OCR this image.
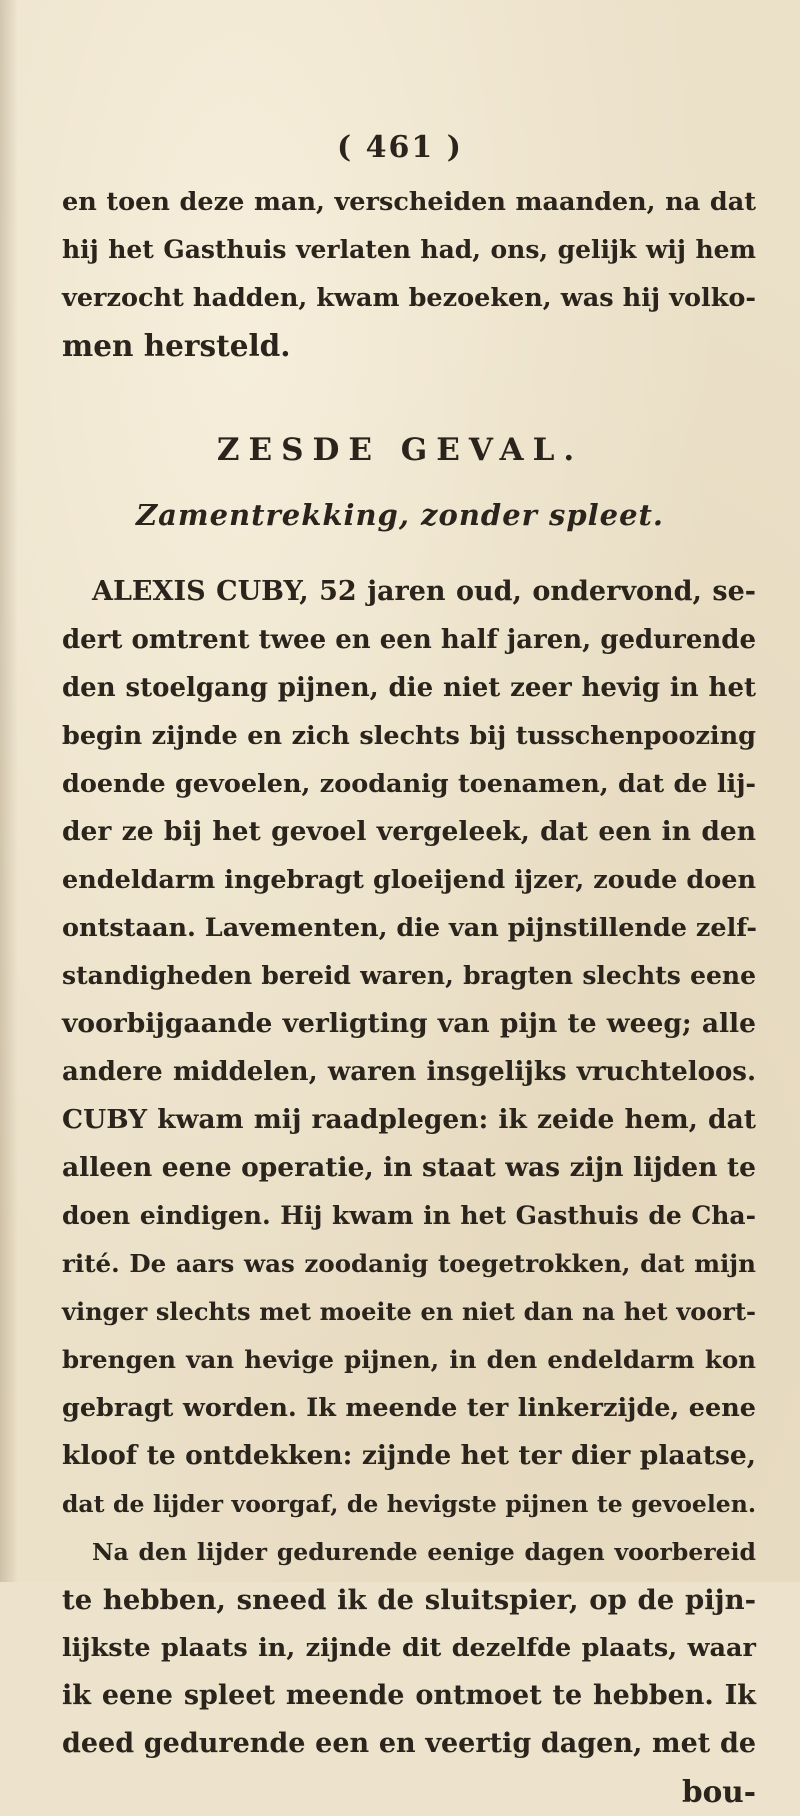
( 461 )
en toen deze man, verscheiden maanden, na dat
hij het Gasthuis verlaten had, ons, gelijk wij hem
verzocht hadden, kwam bezoeken, was hij volko-
men hersteld.
ZESDE GEVAL.
Zamentrekking, zonder spleet.
ALEXIS CUBY, 52 jaren oud, ondervond, se-
dert omtrent twee en een half jaren, gedurende
den stoelgang pijnen, die niet zeer hevig in het
begin zijnde en zich slechts bij tusschenpoozing
doende gevoelen, zoodanig toenamen, dat de lij-
der ze bij het gevoel vergeleek, dat een in den
endeldarm ingebragt gloeijend ijzer, zoude doen
ontstaan. Lavementen, die van pijnstillende zelf-
standigheden bereid waren, bragten slechts eene
voorbijgaande verligting van pijn te weeg; alle
andere middelen, waren insgelijks vruchteloos.
CUBY kwam mij raadplegen: ik zeide hem, dat
alleen eene operatie, in staat was zijn lijden te
doen eindigen. Hij kwam in het Gasthuis de Cha-
rité. De aars was zoodanig toegetrokken, dat mijn
vinger slechts met moeite en niet dan na het voort-
brengen van hevige pijnen, in den endeldarm kon
gebragt worden. Ik meende ter linkerzijde, eene
kloof te ontdekken: zijnde het ter dier plaatse,
dat de lijder voorgaf, de hevigste pijnen te gevoelen.
Na den lijder gedurende eenige dagen voorbereid
te hebben, sneed ik de sluitspier, op de pijn-
lijkste plaats in, zijnde dit dezelfde plaats, waar
ik eene spleet meende ontmoet te hebben. Ik
deed gedurende een en veertig dagen, met de
bou-
